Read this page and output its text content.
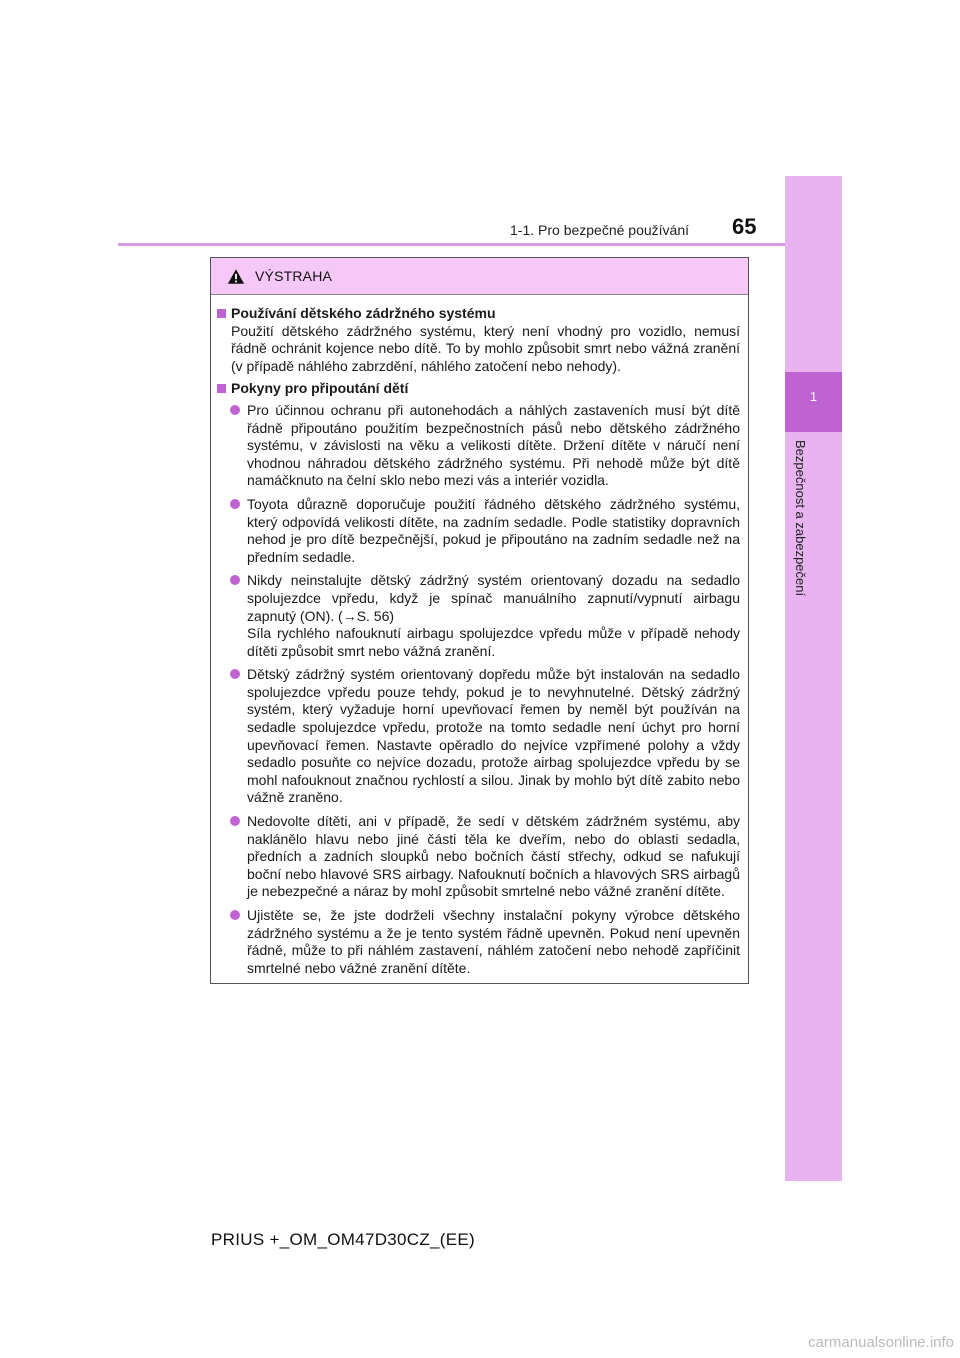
1-1. Pro bezpečné používání	65
1
Bezpečnost a zabezpečení
VÝSTRAHA
Používání dětského zádržného systému
Použití dětského zádržného systému, který není vhodný pro vozidlo, nemusí řádně ochránit kojence nebo dítě. To by mohlo způsobit smrt nebo vážná zranění (v případě náhlého zabrzdění, náhlého zatočení nebo nehody).
Pokyny pro připoutání dětí
Pro účinnou ochranu při autonehodách a náhlých zastaveních musí být dítě řádně připoutáno použitím bezpečnostních pásů nebo dětského zádržného systému, v závislosti na věku a velikosti dítěte. Držení dítěte v náručí není vhodnou náhradou dětského zádržného systému. Při nehodě může být dítě namáčknuto na čelní sklo nebo mezi vás a interiér vozidla.
Toyota důrazně doporučuje použití řádného dětského zádržného systému, který odpovídá velikosti dítěte, na zadním sedadle. Podle statistiky dopravních nehod je pro dítě bezpečnější, pokud je připoutáno na zadním sedadle než na předním sedadle.
Nikdy neinstalujte dětský zádržný systém orientovaný dozadu na sedadlo spolujezdce vpředu, když je spínač manuálního zapnutí/vypnutí airbagu zapnutý (ON). (→S. 56)
Síla rychlého nafouknutí airbagu spolujezdce vpředu může v případě nehody dítěti způsobit smrt nebo vážná zranění.
Dětský zádržný systém orientovaný dopředu může být instalován na sedadlo spolujezdce vpředu pouze tehdy, pokud je to nevyhnutelné. Dětský zádržný systém, který vyžaduje horní upevňovací řemen by neměl být používán na sedadle spolujezdce vpředu, protože na tomto sedadle není úchyt pro horní upevňovací řemen. Nastavte opěradlo do nejvíce vzpřímené polohy a vždy sedadlo posuňte co nejvíce dozadu, protože airbag spolujezdce vpředu by se mohl nafouknout značnou rychlostí a silou. Jinak by mohlo být dítě zabito nebo vážně zraněno.
Nedovolte dítěti, ani v případě, že sedí v dětském zádržném systému, aby naklánělo hlavu nebo jiné části těla ke dveřím, nebo do oblasti sedadla, předních a zadních sloupků nebo bočních částí střechy, odkud se nafukují boční nebo hlavové SRS airbagy. Nafouknutí bočních a hlavových SRS airbagů je nebezpečné a náraz by mohl způsobit smrtelné nebo vážné zranění dítěte.
Ujistěte se, že jste dodrželi všechny instalační pokyny výrobce dětského zádržného systému a že je tento systém řádně upevněn. Pokud není upevněn řádně, může to při náhlém zastavení, náhlém zatočení nebo nehodě zapříčinit smrtelné nebo vážné zranění dítěte.
PRIUS +_OM_OM47D30CZ_(EE)
carmanualsonline.info
